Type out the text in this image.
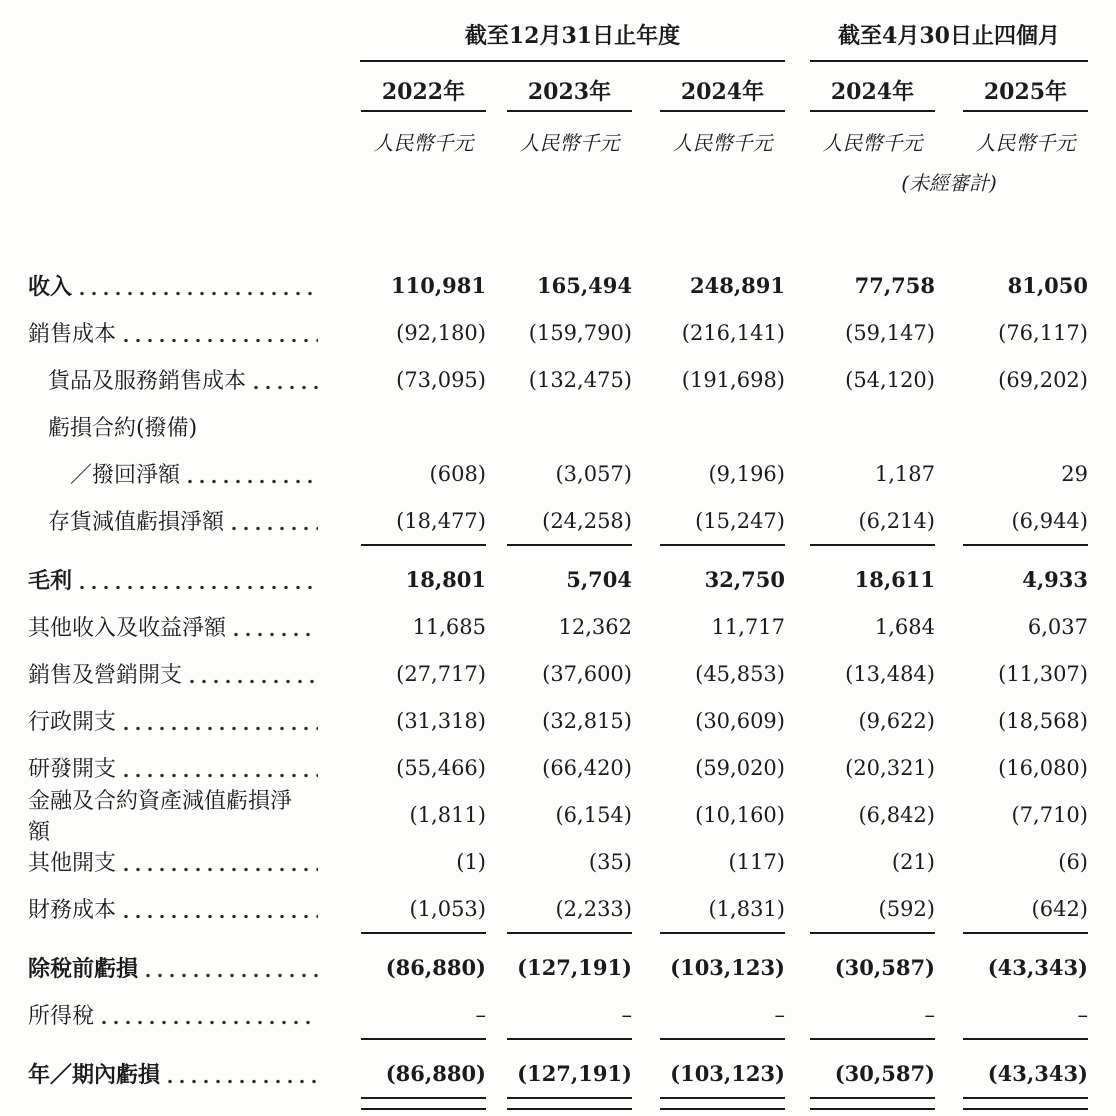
截至12月31日止年度	截至4月30日止四個月
2022年	2023年	2024年	2024年	2025年
人民幣千元	人民幣千元	人民幣千元	人民幣千元	人民幣千元
(未經審計)
收入	110,981	165,494	248,891	77,758	81,050
銷售成本	(92,180)	(159,790)	(216,141)	(59,147)	(76,117)
貨品及服務銷售成本	(73,095)	(132,475)	(191,698)	(54,120)	(69,202)
虧損合約(撥備)
／撥回淨額	(608)	(3,057)	(9,196)	1,187	29
存貨減值虧損淨額	(18,477)	(24,258)	(15,247)	(6,214)	(6,944)
毛利	18,801	5,704	32,750	18,611	4,933
其他收入及收益淨額	11,685	12,362	11,717	1,684	6,037
銷售及營銷開支	(27,717)	(37,600)	(45,853)	(13,484)	(11,307)
行政開支	(31,318)	(32,815)	(30,609)	(9,622)	(18,568)
研發開支	(55,466)	(66,420)	(59,020)	(20,321)	(16,080)
金融及合約資產減值虧損淨額
(1,811)	(6,154)	(10,160)	(6,842)	(7,710)
其他開支	(1)	(35)	(117)	(21)	(6)
財務成本	(1,053)	(2,233)	(1,831)	(592)	(642)
除稅前虧損	(86,880)	(127,191)	(103,123)	(30,587)	(43,343)
所得稅	–	–	–	–	–
年／期內虧損	(86,880)	(127,191)	(103,123)	(30,587)	(43,343)
